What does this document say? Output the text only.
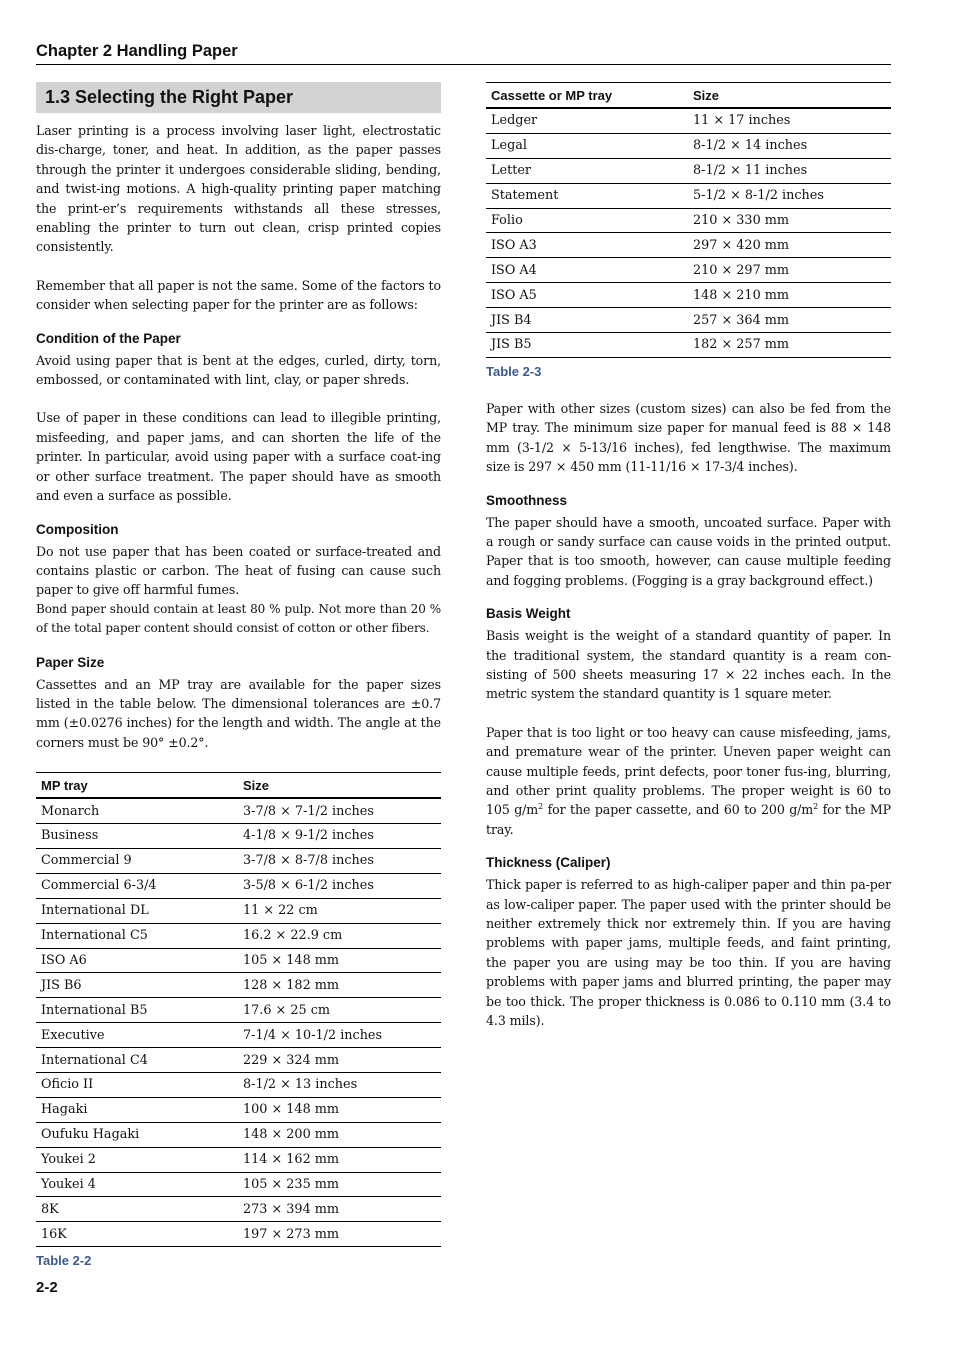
Chapter 2 Handling Paper
1.3 Selecting the Right Paper

Laser printing is a process involving laser light, electrostatic dis-charge, toner, and heat. In addition, as the paper passes through the printer it undergoes considerable sliding, bending, and twist-ing motions. A high-quality printing paper matching the print-er’s requirements withstands all these stresses, enabling the printer to turn out clean, crisp printed copies consistently.

Remember that all paper is not the same. Some of the factors to consider when selecting paper for the printer are as follows:

Condition of the Paper

Avoid using paper that is bent at the edges, curled, dirty, torn, embossed, or contaminated with lint, clay, or paper shreds.

Use of paper in these conditions can lead to illegible printing, misfeeding, and paper jams, and can shorten the life of the printer. In particular, avoid using paper with a surface coat-ing or other surface treatment. The paper should have as smooth and even a surface as possible.

Composition

Do not use paper that has been coated or surface-treated and contains plastic or carbon. The heat of fusing can cause such paper to give off harmful fumes.

Bond paper should contain at least 80 % pulp. Not more than 20 % of the total paper content should consist of cotton or other fibers.

Paper Size

Cassettes and an MP tray are available for the paper sizes listed in the table below. The dimensional tolerances are ±0.7 mm (±0.0276 inches) for the length and width. The angle at the corners must be 90° ±0.2°.

MP tray	Size
Monarch	3-7/8 × 7-1/2 inches
Business	4-1/8 × 9-1/2 inches
Commercial 9	3-7/8 × 8-7/8 inches
Commercial 6-3/4	3-5/8 × 6-1/2 inches
International DL	11 × 22 cm
International C5	16.2 × 22.9 cm
ISO A6	105 × 148 mm
JIS B6	128 × 182 mm
International B5	17.6 × 25 cm
Executive	7-1/4 × 10-1/2 inches
International C4	229 × 324 mm
Oficio II	8-1/2 × 13 inches
Hagaki	100 × 148 mm
Oufuku Hagaki	148 × 200 mm
Youkei 2	114 × 162 mm
Youkei 4	105 × 235 mm
8K	273 × 394 mm
16K	197 × 273 mm
Table 2-2
Cassette or MP tray	Size
Ledger	11 × 17 inches
Legal	8-1/2 × 14 inches
Letter	8-1/2 × 11 inches
Statement	5-1/2 × 8-1/2 inches
Folio	210 × 330 mm
ISO A3	297 × 420 mm
ISO A4	210 × 297 mm
ISO A5	148 × 210 mm
JIS B4	257 × 364 mm
JIS B5	182 × 257 mm
Table 2-3

Paper with other sizes (custom sizes) can also be fed from the MP tray. The minimum size paper for manual feed is 88 × 148 mm (3-1/2 × 5-13/16 inches), fed lengthwise. The maximum size is 297 × 450 mm (11-11/16 × 17-3/4 inches).

Smoothness

The paper should have a smooth, uncoated surface. Paper with a rough or sandy surface can cause voids in the printed output. Paper that is too smooth, however, can cause multiple feeding and fogging problems. (Fogging is a gray background effect.)

Basis Weight

Basis weight is the weight of a standard quantity of paper. In the traditional system, the standard quantity is a ream con-sisting of 500 sheets measuring 17 × 22 inches each. In the metric system the standard quantity is 1 square meter.

Paper that is too light or too heavy can cause misfeeding, jams, and premature wear of the printer. Uneven paper weight can cause multiple feeds, print defects, poor toner fus-ing, blurring, and other print quality problems. The proper weight is 60 to 105 $g/m^2$ for the paper cassette, and 60 to 200 $g/m^2$ for the MP tray.

Thickness (Caliper)

Thick paper is referred to as high-caliper paper and thin pa-per as low-caliper paper. The paper used with the printer should be neither extremely thick nor extremely thin. If you are having problems with paper jams, multiple feeds, and faint printing, the paper you are using may be too thin. If you are having problems with paper jams and blurred printing, the paper may be too thick. The proper thickness is 0.086 to 0.110 mm (3.4 to 4.3 mils).

2-2
